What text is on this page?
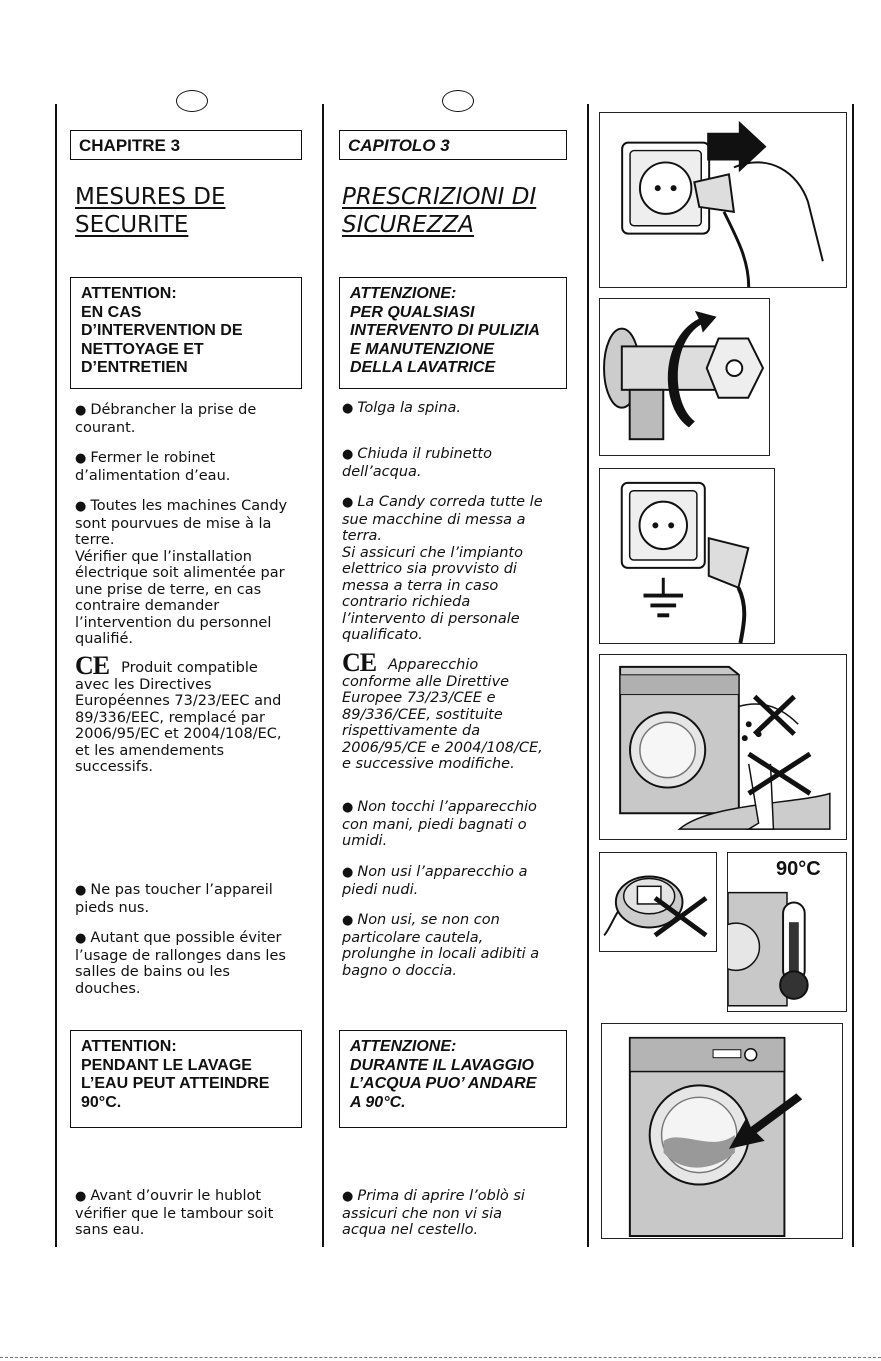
CHAPITRE 3
MESURES DE
SECURITE
ATTENTION:
EN CAS
D’INTERVENTION DE
NETTOYAGE ET
D’ENTRETIEN
● Débrancher la prise de
courant.
● Fermer le robinet
d’alimentation d’eau.
● Toutes les machines Candy
sont pourvues de mise à la
terre.
Vérifier que l’installation
électrique soit alimentée par
une prise de terre, en cas
contraire demander
l’intervention du personnel
qualifié.
CE Produit compatible
avec les Directives
Européennes 73/23/EEC and
89/336/EEC, remplacé par
2006/95/EC et 2004/108/EC,
et les amendements
successifs.
● Ne pas toucher l’appareil
pieds nus.
● Autant que possible éviter
l’usage de rallonges dans les
salles de bains ou les
douches.
ATTENTION:
PENDANT LE LAVAGE
L’EAU PEUT ATTEINDRE
90°C.
● Avant d’ouvrir le hublot
vérifier que le tambour soit
sans eau.
CAPITOLO 3
PRESCRIZIONI DI
SICUREZZA
ATTENZIONE:
PER QUALSIASI
INTERVENTO DI PULIZIA
E MANUTENZIONE
DELLA LAVATRICE
● Tolga la spina.
● Chiuda il rubinetto
dell’acqua.
● La Candy correda tutte le
sue macchine di messa a
terra.
Si assicuri che l’impianto
elettrico sia provvisto di
messa a terra in caso
contrario richieda
l’intervento di personale
qualificato.
CE Apparecchio
conforme alle Direttive
Europee 73/23/CEE e
89/336/CEE, sostituite
rispettivamente da
2006/95/CE e 2004/108/CE,
e successive modifiche.
● Non tocchi l’apparecchio
con mani, piedi bagnati o
umidi.
● Non usi l’apparecchio a
piedi nudi.
● Non usi, se non con
particolare cautela,
prolunghe in locali adibiti a
bagno o doccia.
ATTENZIONE:
DURANTE IL LAVAGGIO
L’ACQUA PUO’ ANDARE
A 90°C.
● Prima di aprire l’oblò si
assicuri che non vi sia
acqua nel cestello.
90°C
